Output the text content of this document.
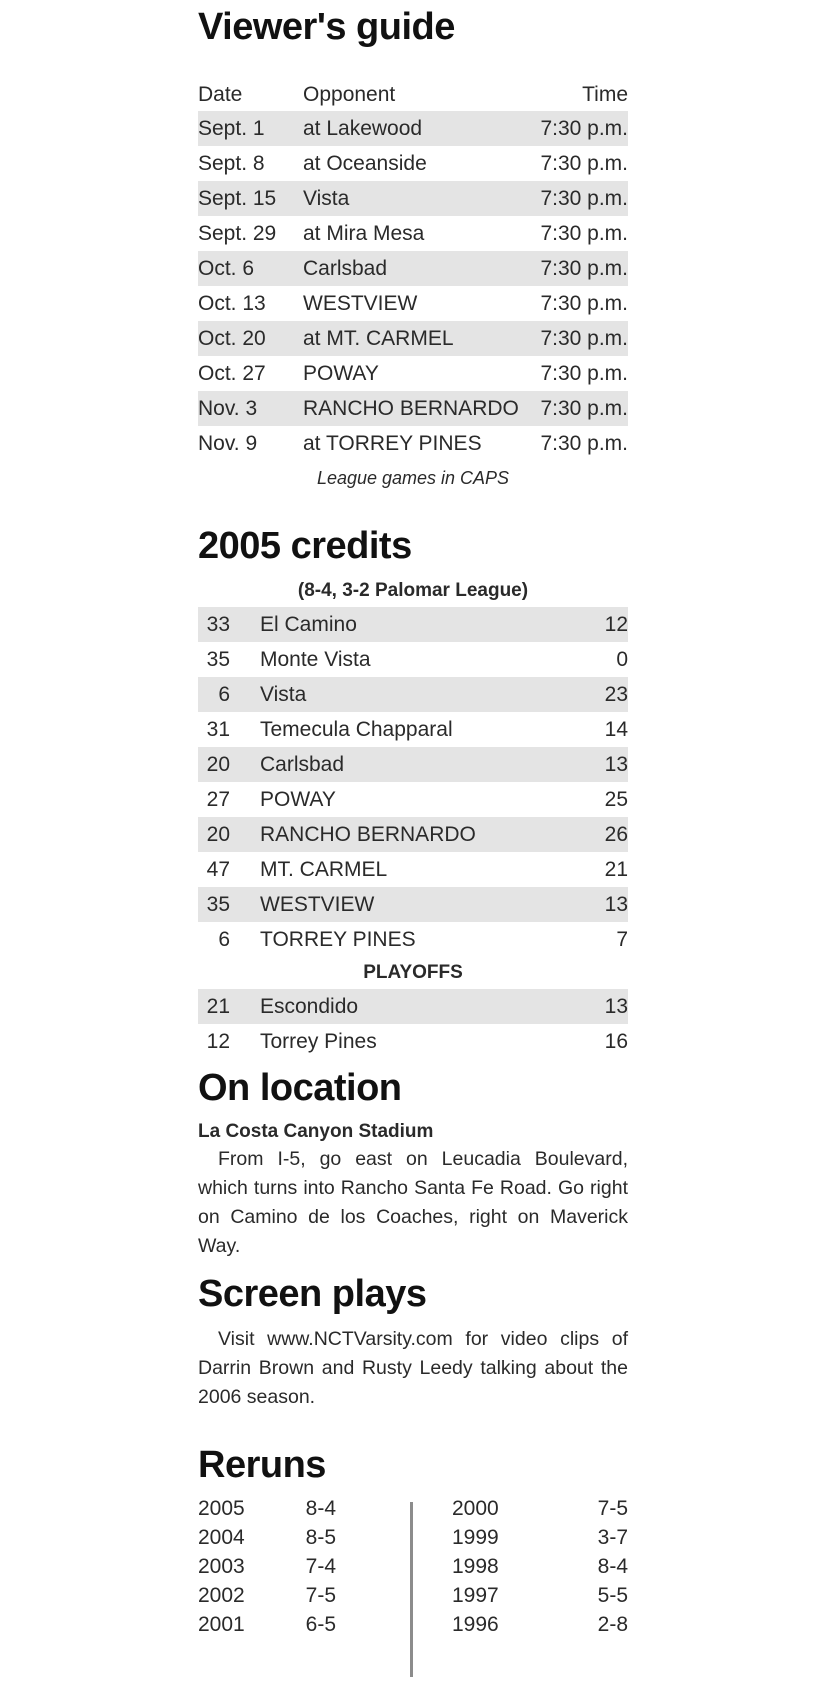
Viewer's guide
Date	Opponent	Time
Sept. 1	at Lakewood	7:30 p.m.
Sept. 8	at Oceanside	7:30 p.m.
Sept. 15	Vista	7:30 p.m.
Sept. 29	at Mira Mesa	7:30 p.m.
Oct. 6	Carlsbad	7:30 p.m.
Oct. 13	WESTVIEW	7:30 p.m.
Oct. 20	at MT. CARMEL	7:30 p.m.
Oct. 27	POWAY	7:30 p.m.
Nov. 3	RANCHO BERNARDO	7:30 p.m.
Nov. 9	at TORREY PINES	7:30 p.m.
League games in CAPS
2005 credits
(8-4, 3-2 Palomar League)
33	El Camino	12
35	Monte Vista	0
6	Vista	23
31	Temecula Chapparal	14
20	Carlsbad	13
27	POWAY	25
20	RANCHO BERNARDO	26
47	MT. CARMEL	21
35	WESTVIEW	13
6	TORREY PINES	7
PLAYOFFS
21	Escondido	13
12	Torrey Pines	16
On location

La Costa Canyon Stadium

From I-5, go east on Leucadia Boulevard, which turns into Rancho Santa Fe Road. Go right on Camino de los Coaches, right on Maverick Way.

Screen plays

Visit www.NCTVarsity.com for video clips of Darrin Brown and Rusty Leedy talking about the 2006 season.

Reruns
2005	8-4
2004	8-5
2003	7-4
2002	7-5
2001	6-5
2000	7-5
1999	3-7
1998	8-4
1997	5-5
1996	2-8
